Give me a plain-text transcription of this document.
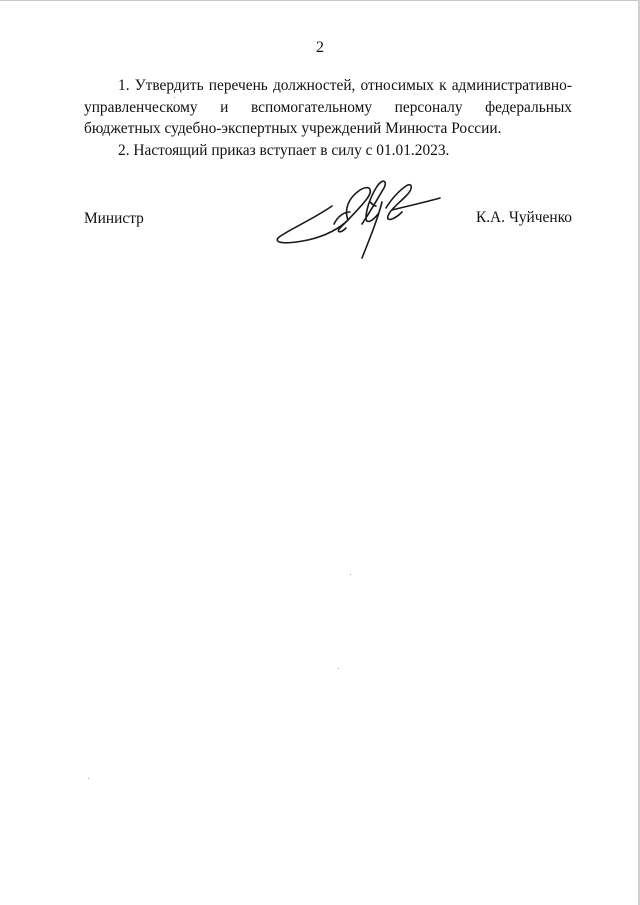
2

1. Утвердить перечень должностей, относимых к административно-управленческому и вспомогательному персоналу федеральных бюджетных судебно-экспертных учреждений Минюста России.

2. Настоящий приказ вступает в силу с 01.01.2023.

Министр	К.А. Чуйченко
